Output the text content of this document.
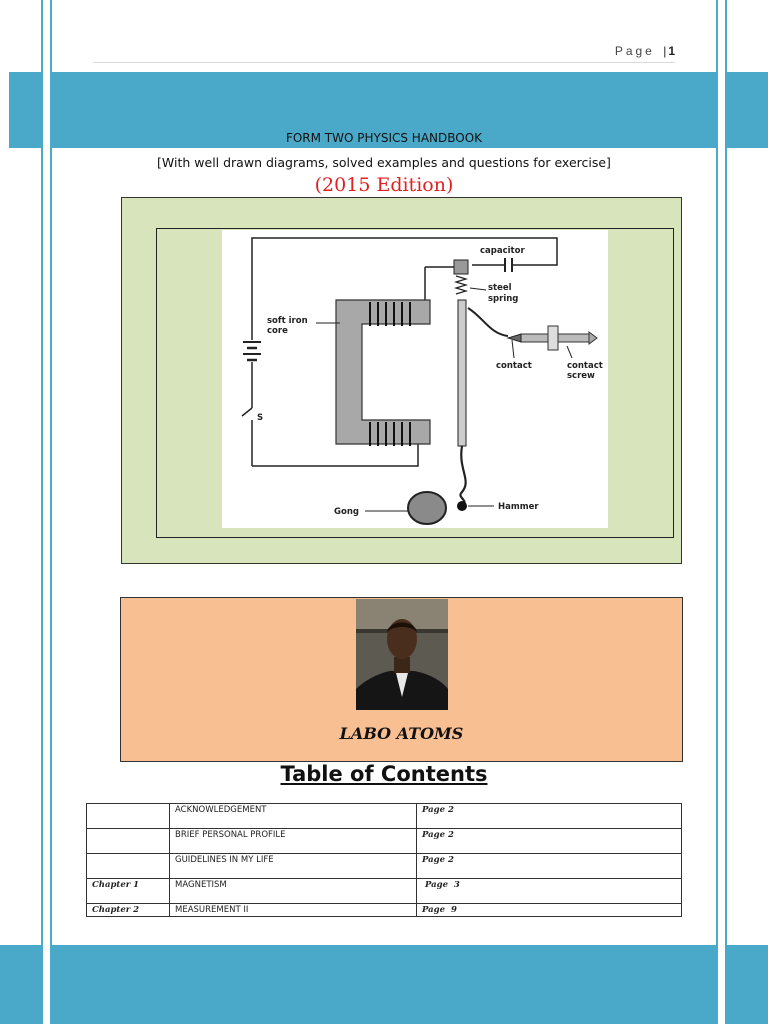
Page | 1
FORM TWO PHYSICS HANDBOOK
[With well drawn diagrams, solved examples and questions for exercise]
(2015 Edition)
capacitor
steel
spring
soft iron
core
contact	contact
screw
S
Hammer
Gong
LABO ATOMS
Table of Contents
	ACKNOWLEDGEMENT	Page 2
	BRIEF PERSONAL PROFILE	Page 2
	GUIDELINES IN MY LIFE	Page 2
Chapter 1	MAGNETISM	Page  3
Chapter 2	MEASUREMENT II	Page  9
